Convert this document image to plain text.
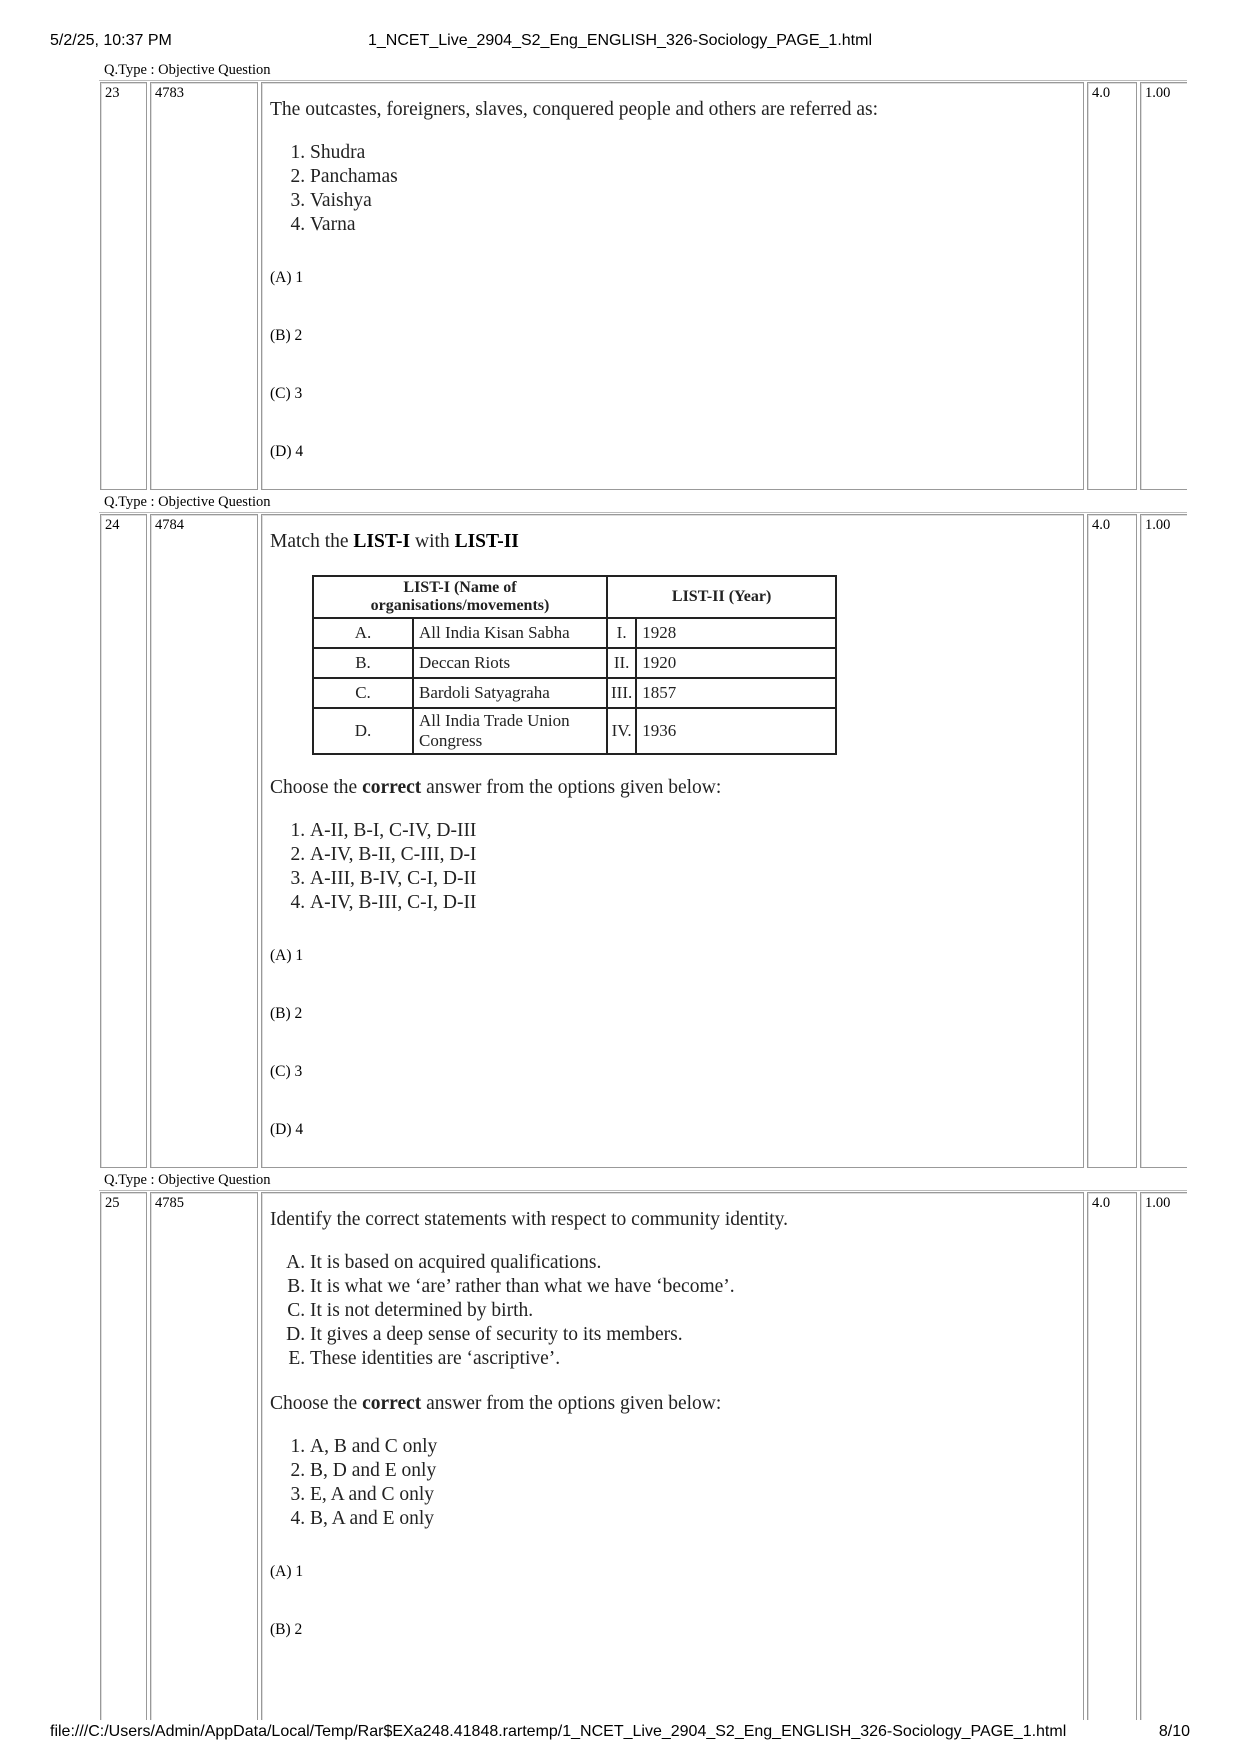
5/2/25, 10:37 PM	1_NCET_Live_2904_S2_Eng_ENGLISH_326-Sociology_PAGE_1.html
Q.Type : Objective Question
23 4783
The outcastes, foreigners, slaves, conquered people and others are referred as:
1. Shudra
2. Panchamas
3. Vaishya
4. Varna
(A) 1
(B) 2
(C) 3
(D) 4
4.0 1.00
Q.Type : Objective Question
24 4784
Match the LIST-I with LIST-II
LIST-I (Name of organisations/movements)		LIST-II (Year)	
A.	All India Kisan Sabha	I.	1928
B.	Deccan Riots	II.	1920
C.	Bardoli Satyagraha	III.	1857
D.	All India Trade Union Congress	IV.	1936
Choose the correct answer from the options given below:
1. A-II, B-I, C-IV, D-III
2. A-IV, B-II, C-III, D-I
3. A-III, B-IV, C-I, D-II
4. A-IV, B-III, C-I, D-II
(A) 1
(B) 2
(C) 3
(D) 4
4.0 1.00
Q.Type : Objective Question
25 4785
Identify the correct statements with respect to community identity.
A. It is based on acquired qualifications.
B. It is what we ‘are’ rather than what we have ‘become’.
C. It is not determined by birth.
D. It gives a deep sense of security to its members.
E. These identities are ‘ascriptive’.
Choose the correct answer from the options given below:
1. A, B and C only
2. B, D and E only
3. E, A and C only
4. B, A and E only
(A) 1
(B) 2
4.0 1.00
file:///C:/Users/Admin/AppData/Local/Temp/Rar$EXa248.41848.rartemp/1_NCET_Live_2904_S2_Eng_ENGLISH_326-Sociology_PAGE_1.html	8/10
